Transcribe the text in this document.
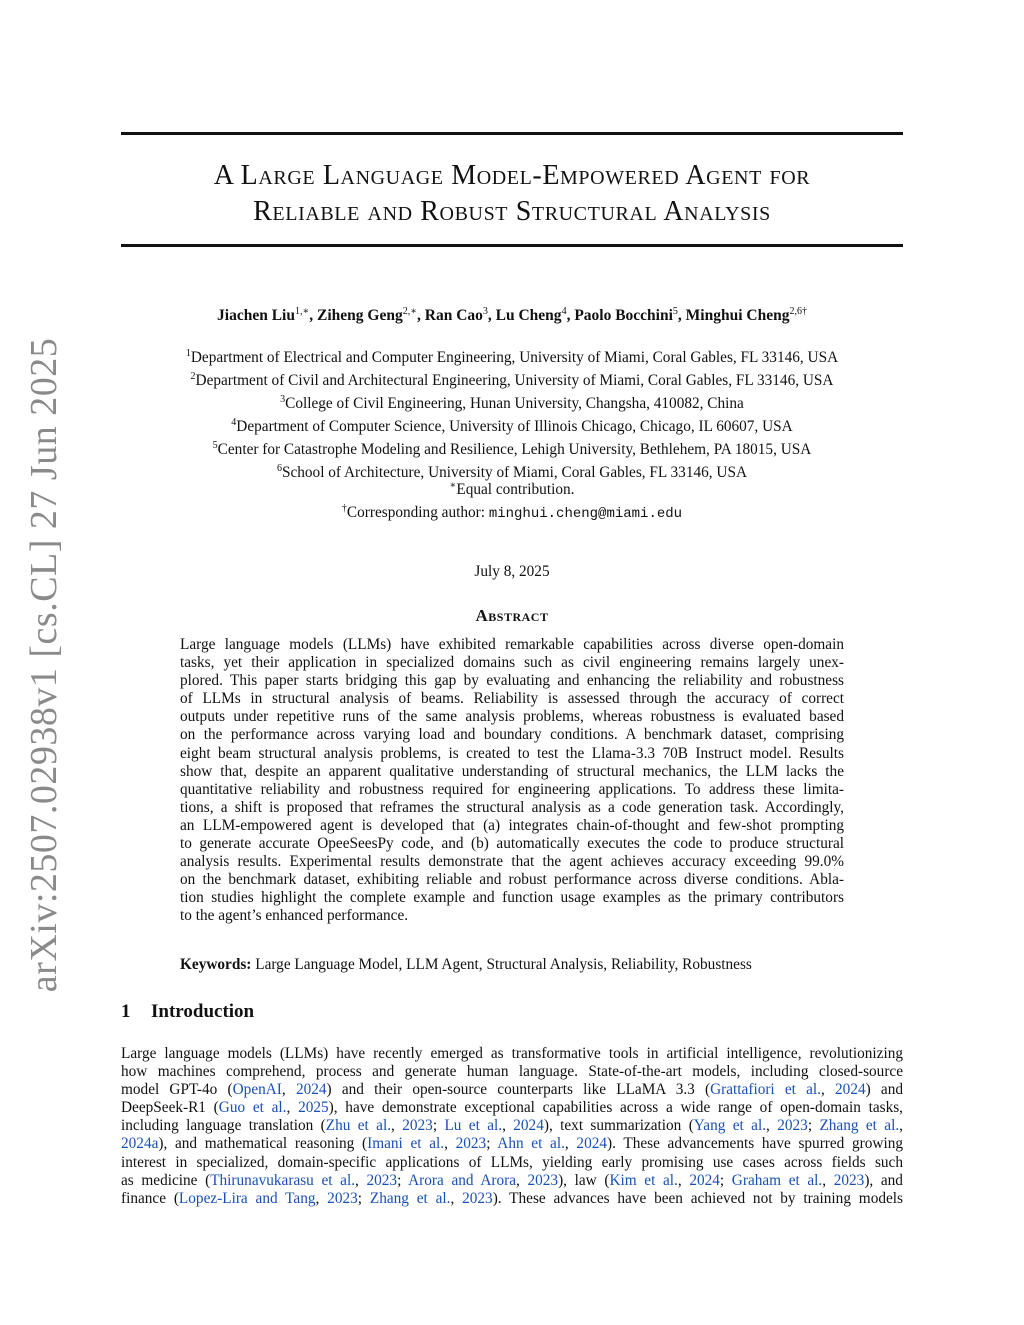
arXiv:2507.02938v1 [cs.CL] 27 Jun 2025
A Large Language Model-Empowered Agent for
Reliable and Robust Structural Analysis
Jiachen Liu$^{1,∗}$, Ziheng Geng$^{2,∗}$, Ran Cao$^3$, Lu Cheng$^4$, Paolo Bocchini$^5$, Minghui Cheng$^{2,6\dagger}$
$^1$Department of Electrical and Computer Engineering, University of Miami, Coral Gables, FL 33146, USA
$^2$Department of Civil and Architectural Engineering, University of Miami, Coral Gables, FL 33146, USA
$^3$College of Civil Engineering, Hunan University, Changsha, 410082, China
$^4$Department of Computer Science, University of Illinois Chicago, Chicago, IL 60607, USA
$^5$Center for Catastrophe Modeling and Resilience, Lehigh University, Bethlehem, PA 18015, USA
$^6$School of Architecture, University of Miami, Coral Gables, FL 33146, USA
∗Equal contribution.
†Corresponding author: minghui.cheng@miami.edu
July 8, 2025
Abstract
Large language models (LLMs) have exhibited remarkable capabilities across diverse open-domain
tasks, yet their application in specialized domains such as civil engineering remains largely unex-
plored. This paper starts bridging this gap by evaluating and enhancing the reliability and robustness
of LLMs in structural analysis of beams. Reliability is assessed through the accuracy of correct
outputs under repetitive runs of the same analysis problems, whereas robustness is evaluated based
on the performance across varying load and boundary conditions. A benchmark dataset, comprising
eight beam structural analysis problems, is created to test the Llama-3.3 70B Instruct model. Results
show that, despite an apparent qualitative understanding of structural mechanics, the LLM lacks the
quantitative reliability and robustness required for engineering applications. To address these limita-
tions, a shift is proposed that reframes the structural analysis as a code generation task. Accordingly,
an LLM-empowered agent is developed that (a) integrates chain-of-thought and few-shot prompting
to generate accurate OpeeSeesPy code, and (b) automatically executes the code to produce structural
analysis results. Experimental results demonstrate that the agent achieves accuracy exceeding 99.0%
on the benchmark dataset, exhibiting reliable and robust performance across diverse conditions. Abla-
tion studies highlight the complete example and function usage examples as the primary contributors
to the agent’s enhanced performance.
Keywords: Large Language Model, LLM Agent, Structural Analysis, Reliability, Robustness
1 Introduction
Large language models (LLMs) have recently emerged as transformative tools in artificial intelligence, revolutionizing
how machines comprehend, process and generate human language. State-of-the-art models, including closed-source
model GPT-4o (OpenAI, 2024) and their open-source counterparts like LLaMA 3.3 (Grattafiori et al., 2024) and
DeepSeek-R1 (Guo et al., 2025), have demonstrate exceptional capabilities across a wide range of open-domain tasks,
including language translation (Zhu et al., 2023; Lu et al., 2024), text summarization (Yang et al., 2023; Zhang et al.,
2024a), and mathematical reasoning (Imani et al., 2023; Ahn et al., 2024). These advancements have spurred growing
interest in specialized, domain-specific applications of LLMs, yielding early promising use cases across fields such
as medicine (Thirunavukarasu et al., 2023; Arora and Arora, 2023), law (Kim et al., 2024; Graham et al., 2023), and
finance (Lopez-Lira and Tang, 2023; Zhang et al., 2023). These advances have been achieved not by training models
